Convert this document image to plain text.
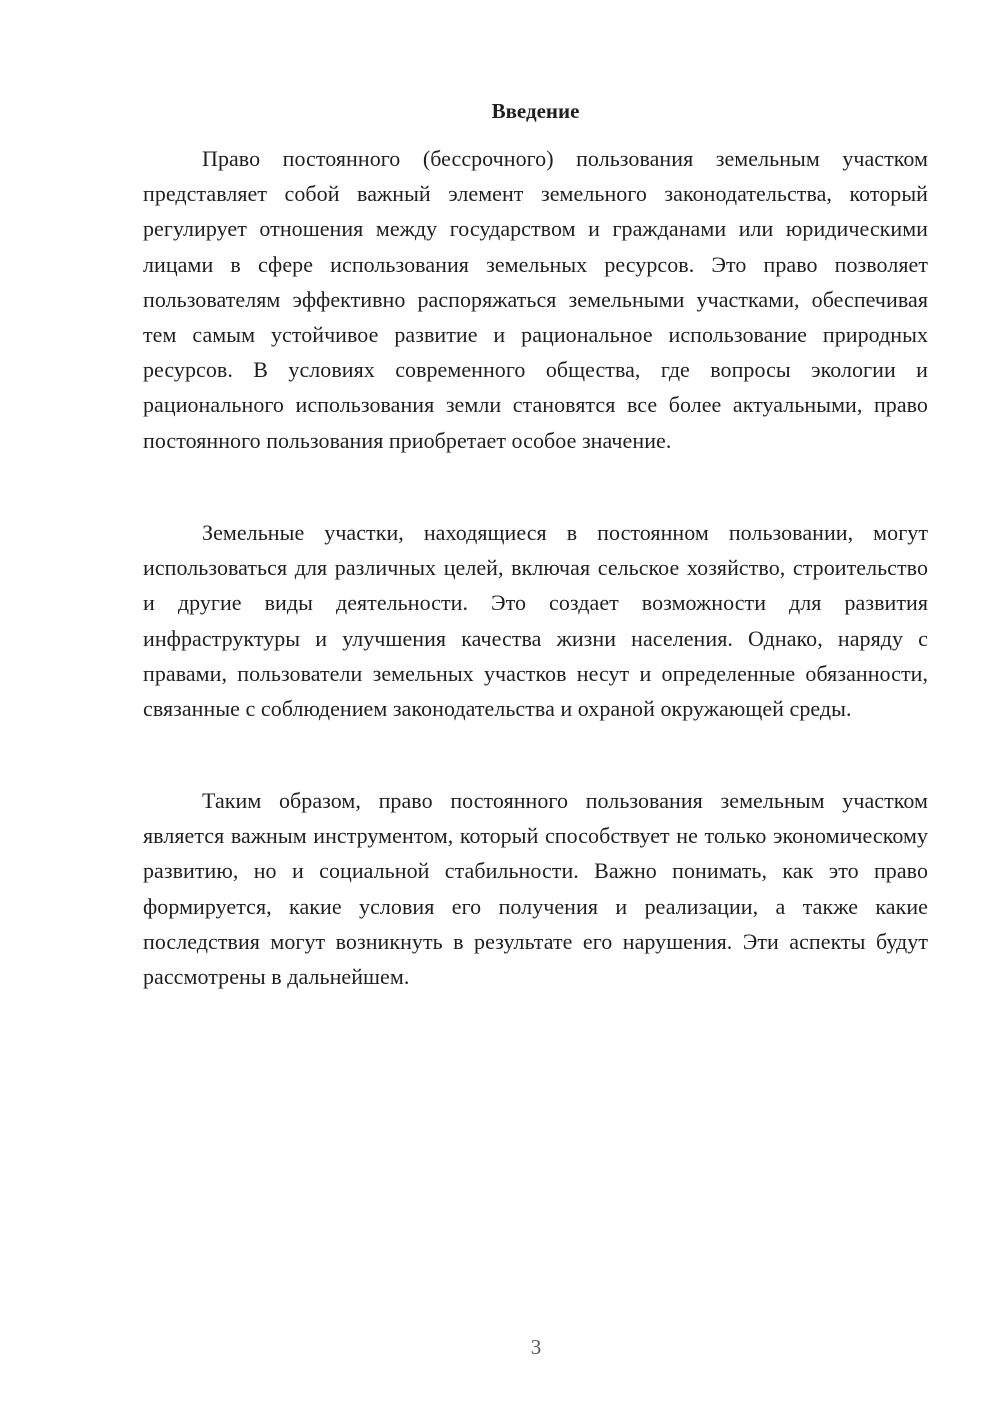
Введение

Право постоянного (бессрочного) пользования земельным участком представляет собой важный элемент земельного законодательства, который регулирует отношения между государством и гражданами или юридическими лицами в сфере использования земельных ресурсов. Это право позволяет пользователям эффективно распоряжаться земельными участками, обеспечивая тем самым устойчивое развитие и рациональное использование природных ресурсов. В условиях современного общества, где вопросы экологии и рационального использования земли становятся все более актуальными, право постоянного пользования приобретает особое значение.

Земельные участки, находящиеся в постоянном пользовании, могут использоваться для различных целей, включая сельское хозяйство, строительство и другие виды деятельности. Это создает возможности для развития инфраструктуры и улучшения качества жизни населения. Однако, наряду с правами, пользователи земельных участков несут и определенные обязанности, связанные с соблюдением законодательства и охраной окружающей среды.

Таким образом, право постоянного пользования земельным участком является важным инструментом, который способствует не только экономическому развитию, но и социальной стабильности. Важно понимать, как это право формируется, какие условия его получения и реализации, а также какие последствия могут возникнуть в результате его нарушения. Эти аспекты будут рассмотрены в дальнейшем.

3
